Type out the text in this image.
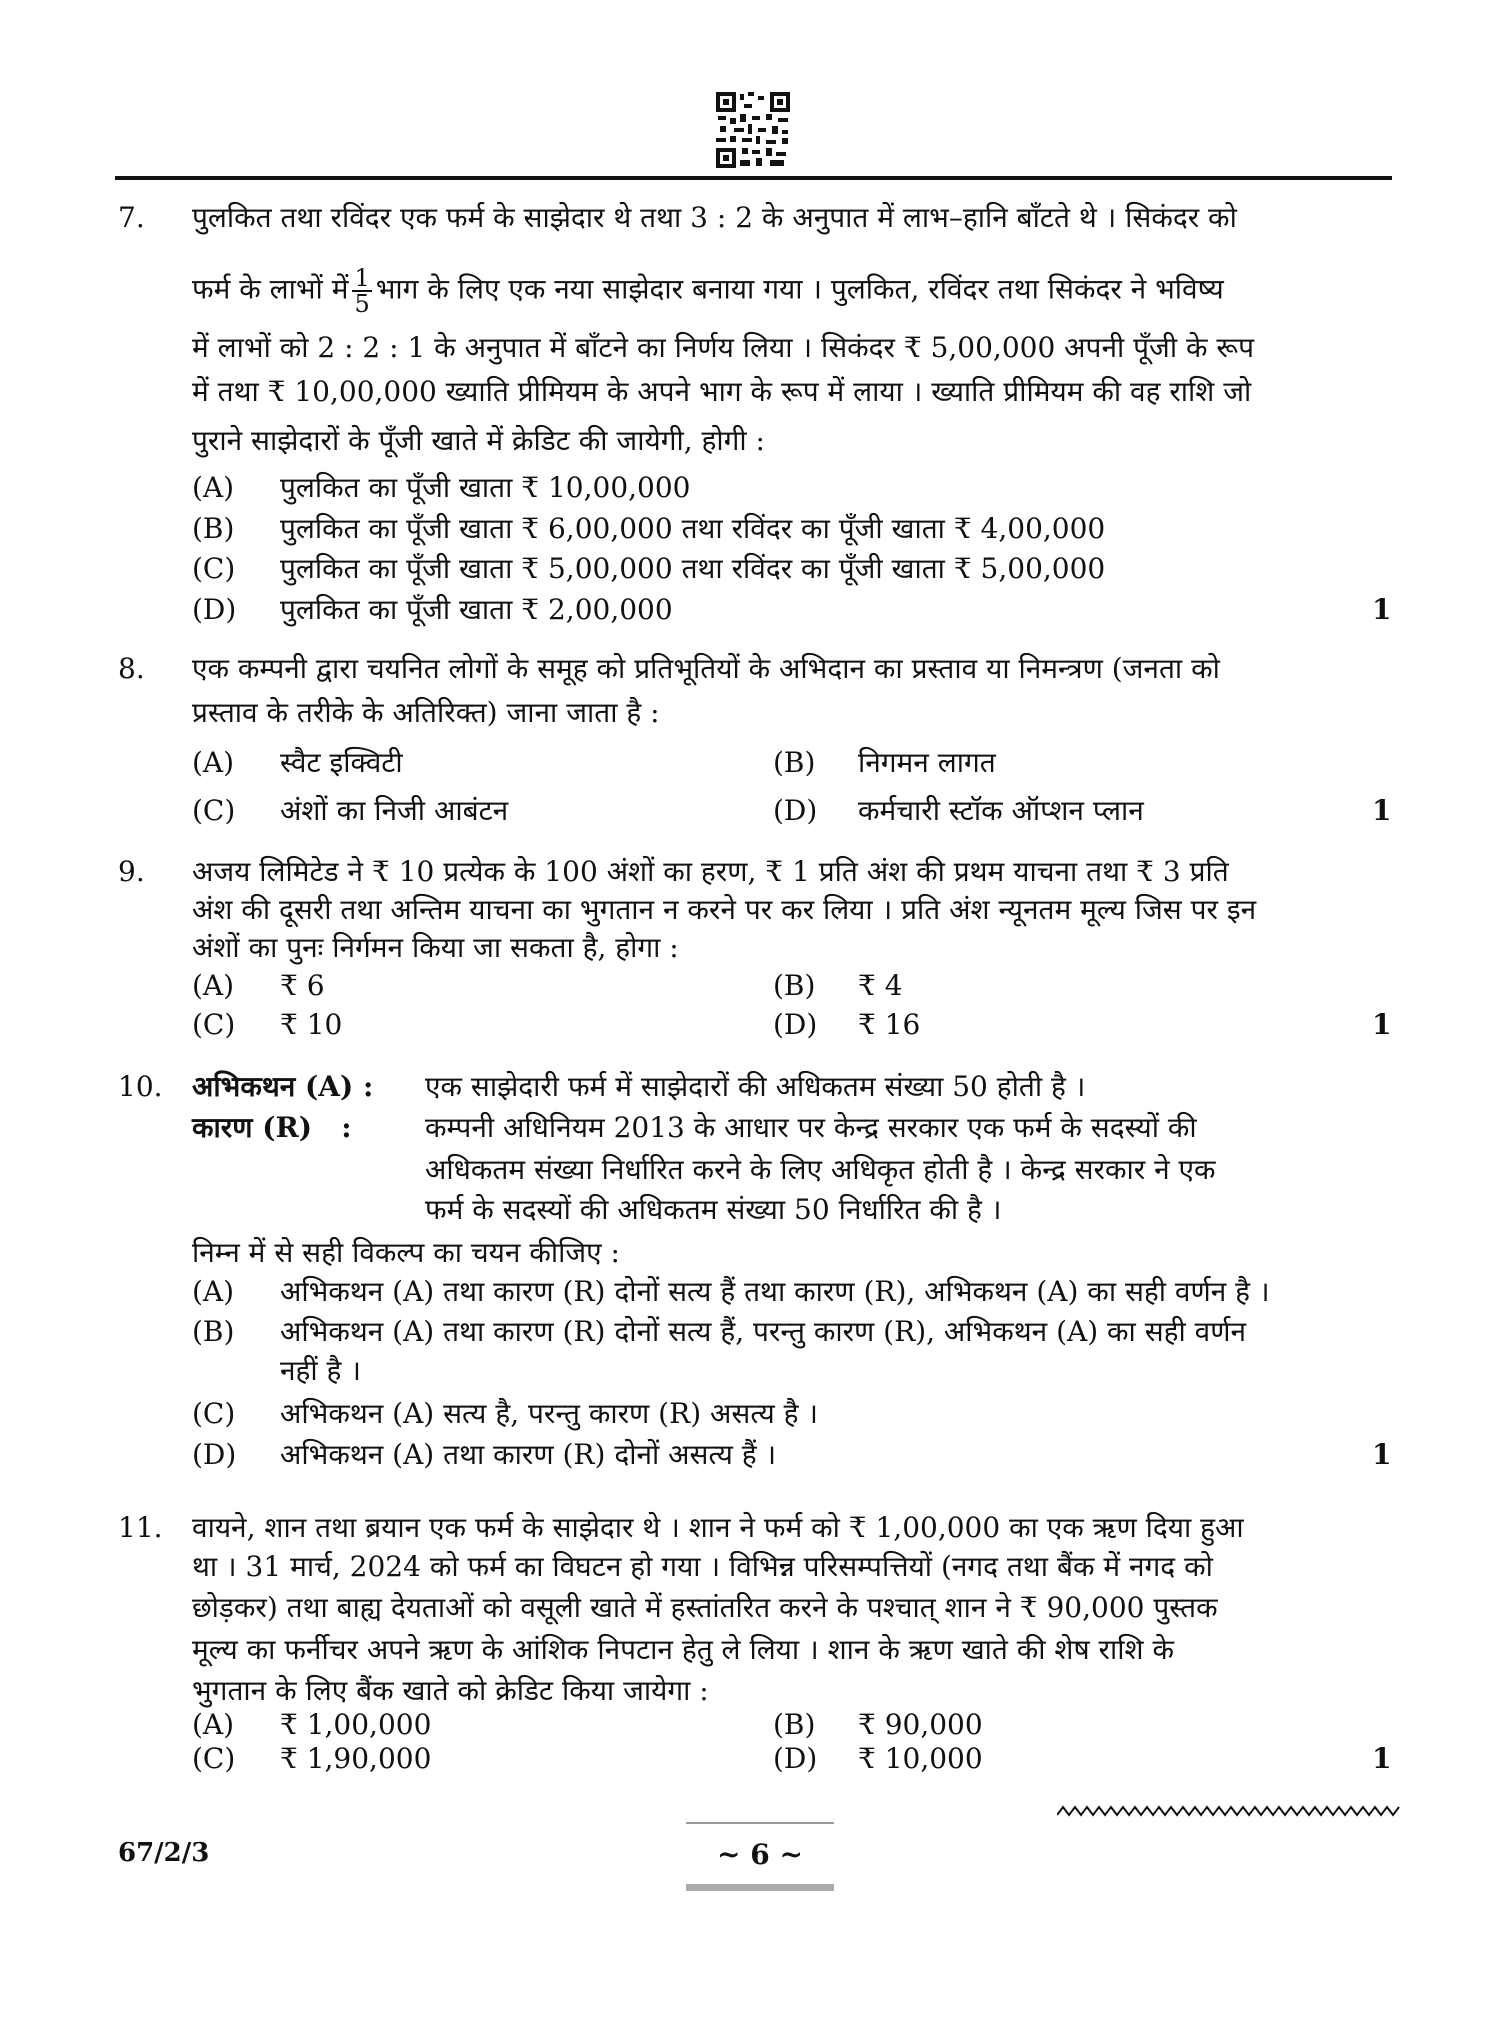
7. पुलकित तथा रविंदर एक फर्म के साझेदार थे तथा 3 : 2 के अनुपात में लाभ–हानि बाँटते थे । सिकंदर को
फर्म के लाभों में $\frac{1}{5}$ भाग के लिए एक नया साझेदार बनाया गया । पुलकित, रविंदर तथा सिकंदर ने भविष्य
में लाभों को 2 : 2 : 1 के अनुपात में बाँटने का निर्णय लिया । सिकंदर ₹ 5,00,000 अपनी पूँजी के रूप
में तथा ₹ 10,00,000 ख्याति प्रीमियम के अपने भाग के रूप में लाया । ख्याति प्रीमियम की वह राशि जो
पुराने साझेदारों के पूँजी खाते में क्रेडिट की जायेगी, होगी :
(A) पुलकित का पूँजी खाता ₹ 10,00,000
(B) पुलकित का पूँजी खाता ₹ 6,00,000 तथा रविंदर का पूँजी खाता ₹ 4,00,000
(C) पुलकित का पूँजी खाता ₹ 5,00,000 तथा रविंदर का पूँजी खाता ₹ 5,00,000
(D) पुलकित का पूँजी खाता ₹ 2,00,000	1
8. एक कम्पनी द्वारा चयनित लोगों के समूह को प्रतिभूतियों के अभिदान का प्रस्ताव या निमन्त्रण (जनता को
प्रस्ताव के तरीके के अतिरिक्त) जाना जाता है :
(A) स्वैट इक्विटी	(B) निगमन लागत
(C) अंशों का निजी आबंटन	(D) कर्मचारी स्टॉक ऑप्शन प्लान	1
9. अजय लिमिटेड ने ₹ 10 प्रत्येक के 100 अंशों का हरण, ₹ 1 प्रति अंश की प्रथम याचना तथा ₹ 3 प्रति
अंश की दूसरी तथा अन्तिम याचना का भुगतान न करने पर कर लिया । प्रति अंश न्यूनतम मूल्य जिस पर इन
अंशों का पुनः निर्गमन किया जा सकता है, होगा :
(A) ₹ 6	(B) ₹ 4
(C) ₹ 10	(D) ₹ 16	1
10. अभिकथन (A) : एक साझेदारी फर्म में साझेदारों की अधिकतम संख्या 50 होती है ।
कारण (R)   :	कम्पनी अधिनियम 2013 के आधार पर केन्द्र सरकार एक फर्म के सदस्यों की
अधिकतम संख्या निर्धारित करने के लिए अधिकृत होती है । केन्द्र सरकार ने एक
फर्म के सदस्यों की अधिकतम संख्या 50 निर्धारित की है ।
निम्न में से सही विकल्प का चयन कीजिए :
(A) अभिकथन (A) तथा कारण (R) दोनों सत्य हैं तथा कारण (R), अभिकथन (A) का सही वर्णन है ।
(B) अभिकथन (A) तथा कारण (R) दोनों सत्य हैं, परन्तु कारण (R), अभिकथन (A) का सही वर्णन
नहीं है ।
(C) अभिकथन (A) सत्य है, परन्तु कारण (R) असत्य है ।
(D) अभिकथन (A) तथा कारण (R) दोनों असत्य हैं ।	1
11. वायने, शान तथा ब्रयान एक फर्म के साझेदार थे । शान ने फर्म को ₹ 1,00,000 का एक ऋण दिया हुआ
था । 31 मार्च, 2024 को फर्म का विघटन हो गया । विभिन्न परिसम्पत्तियों (नगद तथा बैंक में नगद को
छोड़कर) तथा बाह्य देयताओं को वसूली खाते में हस्तांतरित करने के पश्चात् शान ने ₹ 90,000 पुस्तक
मूल्य का फर्नीचर अपने ऋण के आंशिक निपटान हेतु ले लिया । शान के ऋण खाते की शेष राशि के
भुगतान के लिए बैंक खाते को क्रेडिट किया जायेगा :
(A) ₹ 1,00,000	(B) ₹ 90,000
(C) ₹ 1,90,000	(D) ₹ 10,000	1
67/2/3	~ 6 ~
